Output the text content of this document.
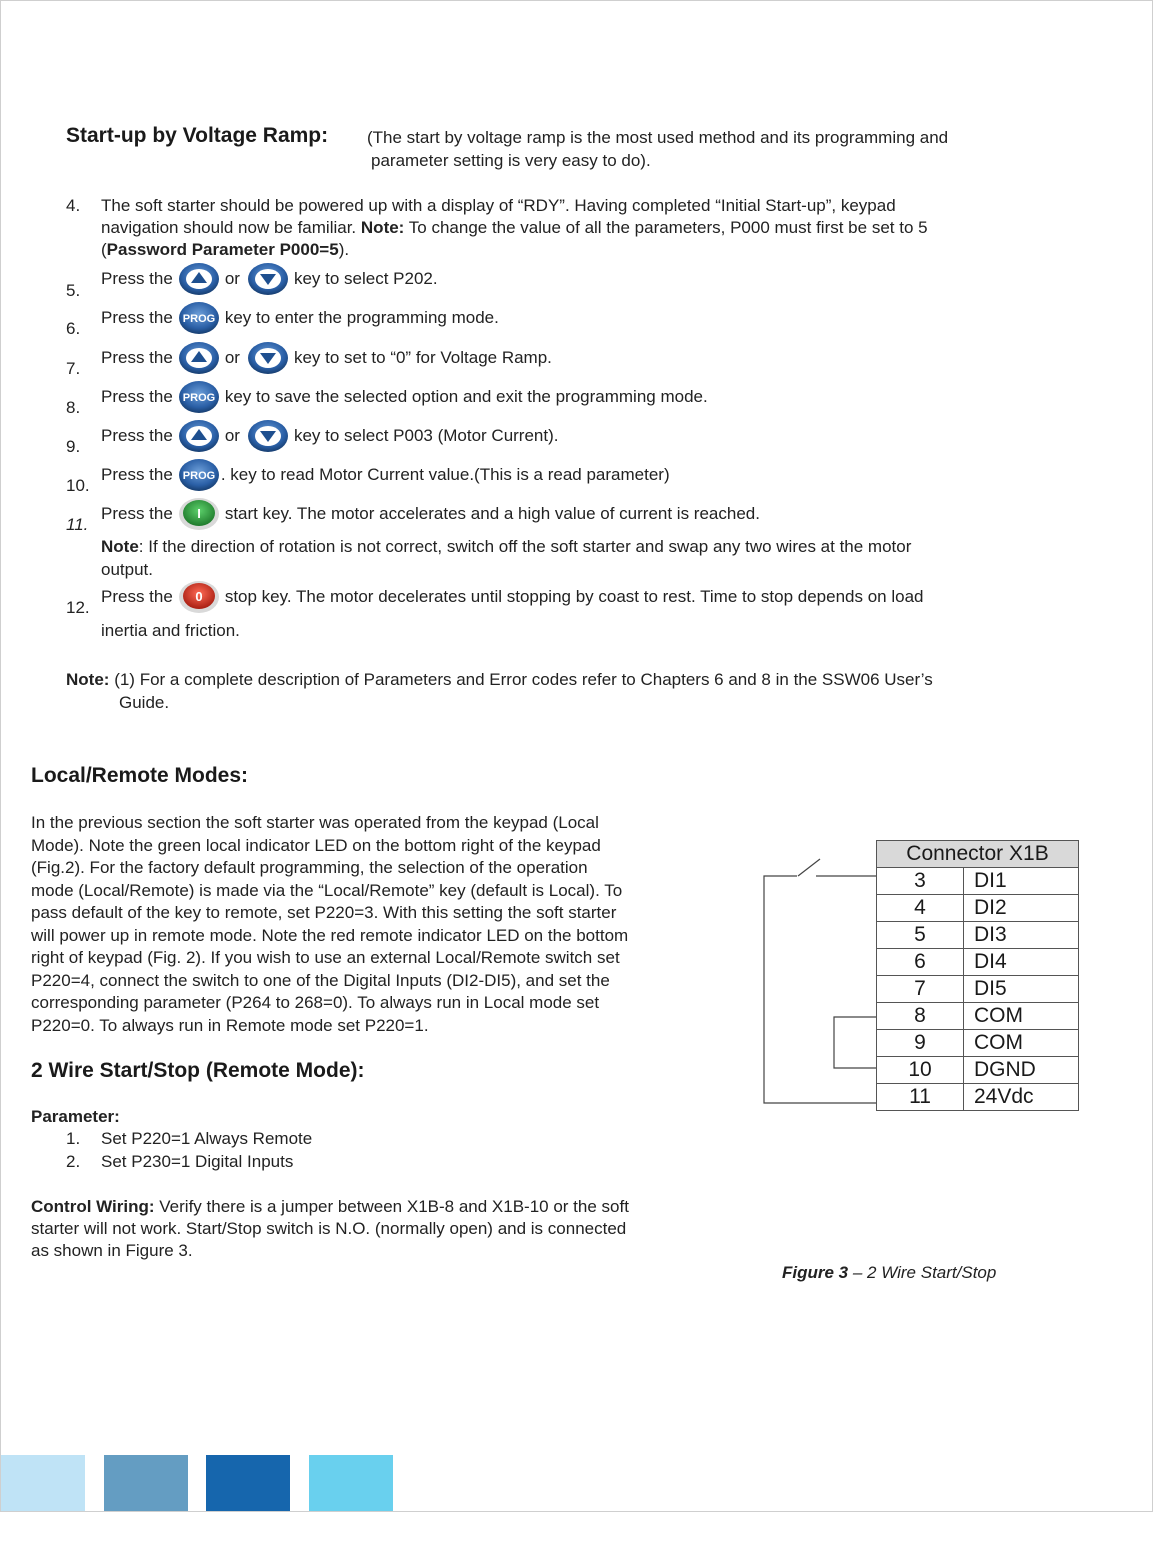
Start-up by Voltage Ramp: (The start by voltage ramp is the most used method and its programming and
parameter setting is very easy to do).
4. The soft starter should be powered up with a display of “RDY”. Having completed “Initial Start-up”, keypad
navigation should now be familiar. Note: To change the value of all the parameters, P000 must first be set to 5
(Password Parameter P000=5).
5.
Press the	or	key to select P202.
6.
Press the PROG key to enter the programming mode.
7.
Press the	or	key to set to “0” for Voltage Ramp.
8.
Press the PROG key to save the selected option and exit the programming mode.
9.
Press the	or	key to select P003 (Motor Current).
10.
Press the PROG . key to read Motor Current value.(This is a read parameter)
11.
Press the I start key. The motor accelerates and a high value of current is reached.
Note: If the direction of rotation is not correct, switch off the soft starter and swap any two wires at the motor
output.
12.
Press the 0 stop key. The motor decelerates until stopping by coast to rest. Time to stop depends on load
inertia and friction.
Note: (1) For a complete description of Parameters and Error codes refer to Chapters 6 and 8 in the SSW06 User’s
Guide.
Local/Remote Modes:
In the previous section the soft starter was operated from the keypad (Local
Mode). Note the green local indicator LED on the bottom right of the keypad
(Fig.2). For the factory default programming, the selection of the operation
mode (Local/Remote) is made via the “Local/Remote” key (default is Local). To
pass default of the key to remote, set P220=3. With this setting the soft starter
will power up in remote mode. Note the red remote indicator LED on the bottom
right of keypad (Fig. 2). If you wish to use an external Local/Remote switch set
P220=4, connect the switch to one of the Digital Inputs (DI2-DI5), and set the
corresponding parameter (P264 to 268=0). To always run in Local mode set
P220=0. To always run in Remote mode set P220=1.
2 Wire Start/Stop (Remote Mode):
Parameter:
1. Set P220=1 Always Remote
2. Set P230=1 Digital Inputs
Control Wiring: Verify there is a jumper between X1B-8 and X1B-10 or the soft
starter will not work. Start/Stop switch is N.O. (normally open) and is connected
as shown in Figure 3.
Connector X1B	
3	DI1
4	DI2
5	DI3
6	DI4
7	DI5
8	COM
9	COM
10	DGND
11	24Vdc
Figure 3 – 2 Wire Start/Stop
